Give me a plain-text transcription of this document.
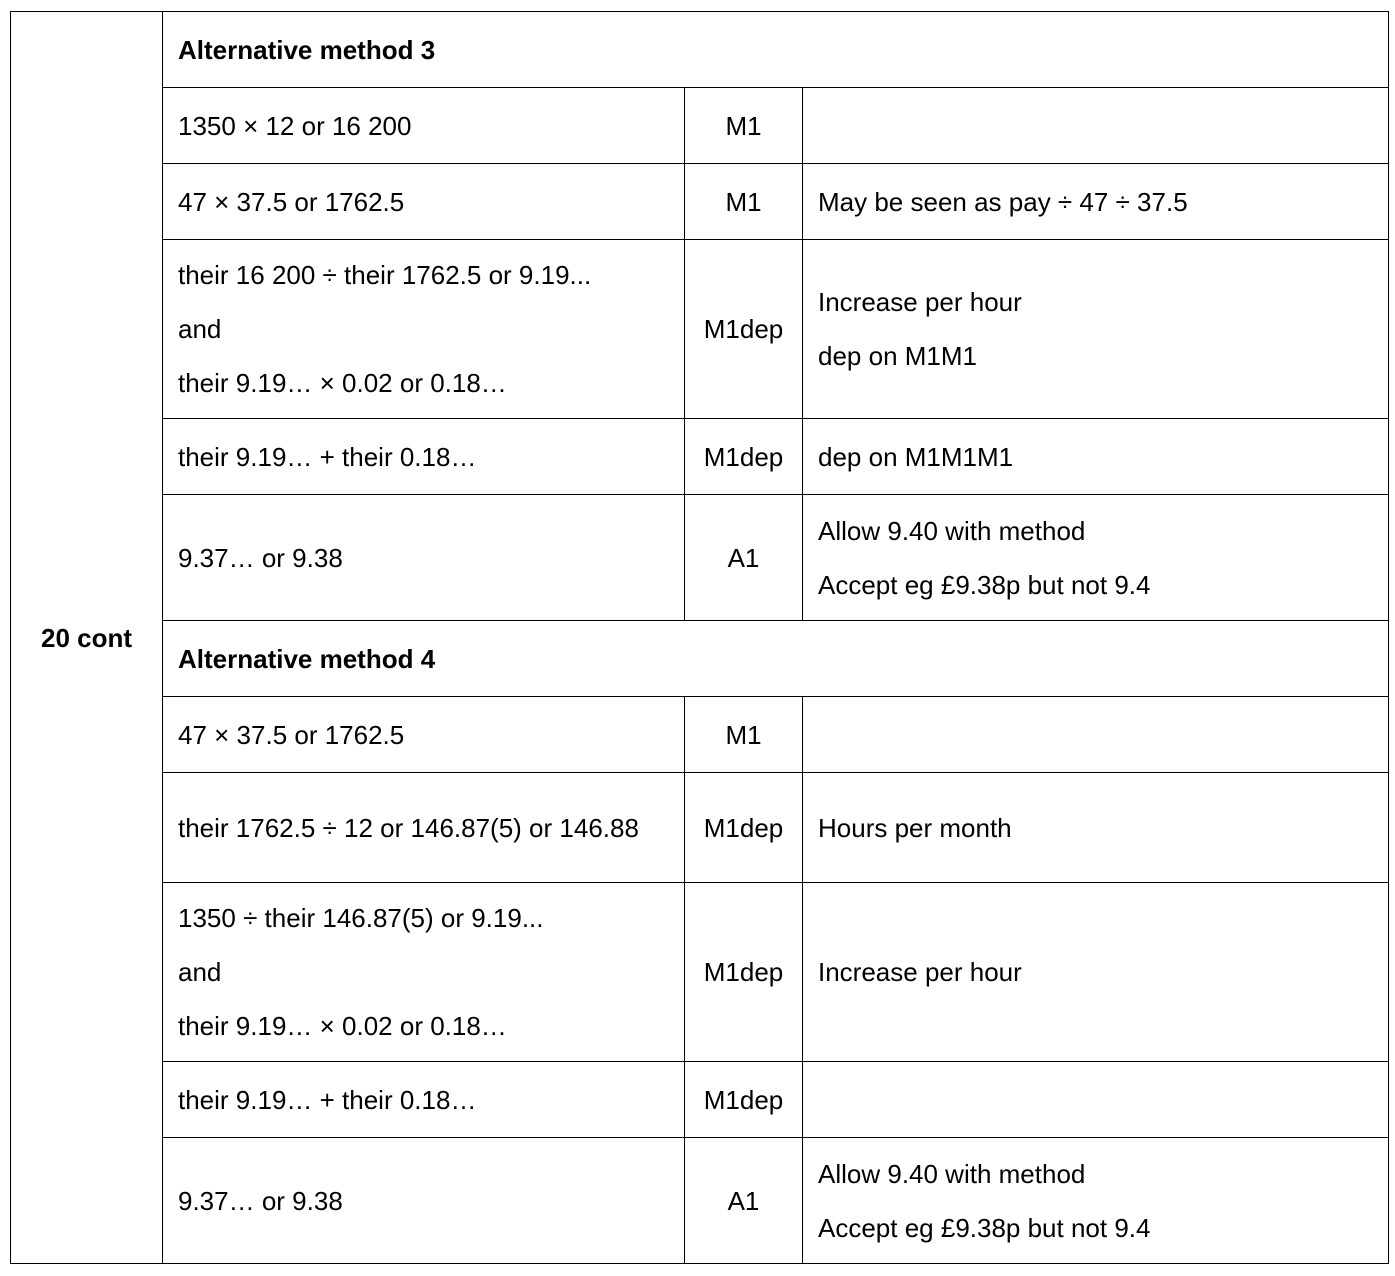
20 cont	Alternative method 3		

	1350 × 12 or 16 200	M1	

	47 × 37.5 or 1762.5	M1	May be seen as pay ÷ 47 ÷ 37.5

	their 16 200 ÷ their 1762.5 or 9.19...
and
their 9.19… × 0.02 or 0.18…	M1dep	Increase per hour
dep on M1M1

	their 9.19… + their 0.18…	M1dep	dep on M1M1M1

	9.37… or 9.38	A1	Allow 9.40 with method
Accept eg £9.38p but not 9.4

	Alternative method 4		

	47 × 37.5 or 1762.5	M1	
	their 1762.5 ÷ 12 or 146.87(5) or 146.88	M1dep	Hours per month

	1350 ÷ their 146.87(5) or 9.19...
and
their 9.19… × 0.02 or 0.18…	M1dep	Increase per hour

	their 9.19… + their 0.18…	M1dep	

	9.37… or 9.38	A1	Allow 9.40 with method
Accept eg £9.38p but not 9.4
